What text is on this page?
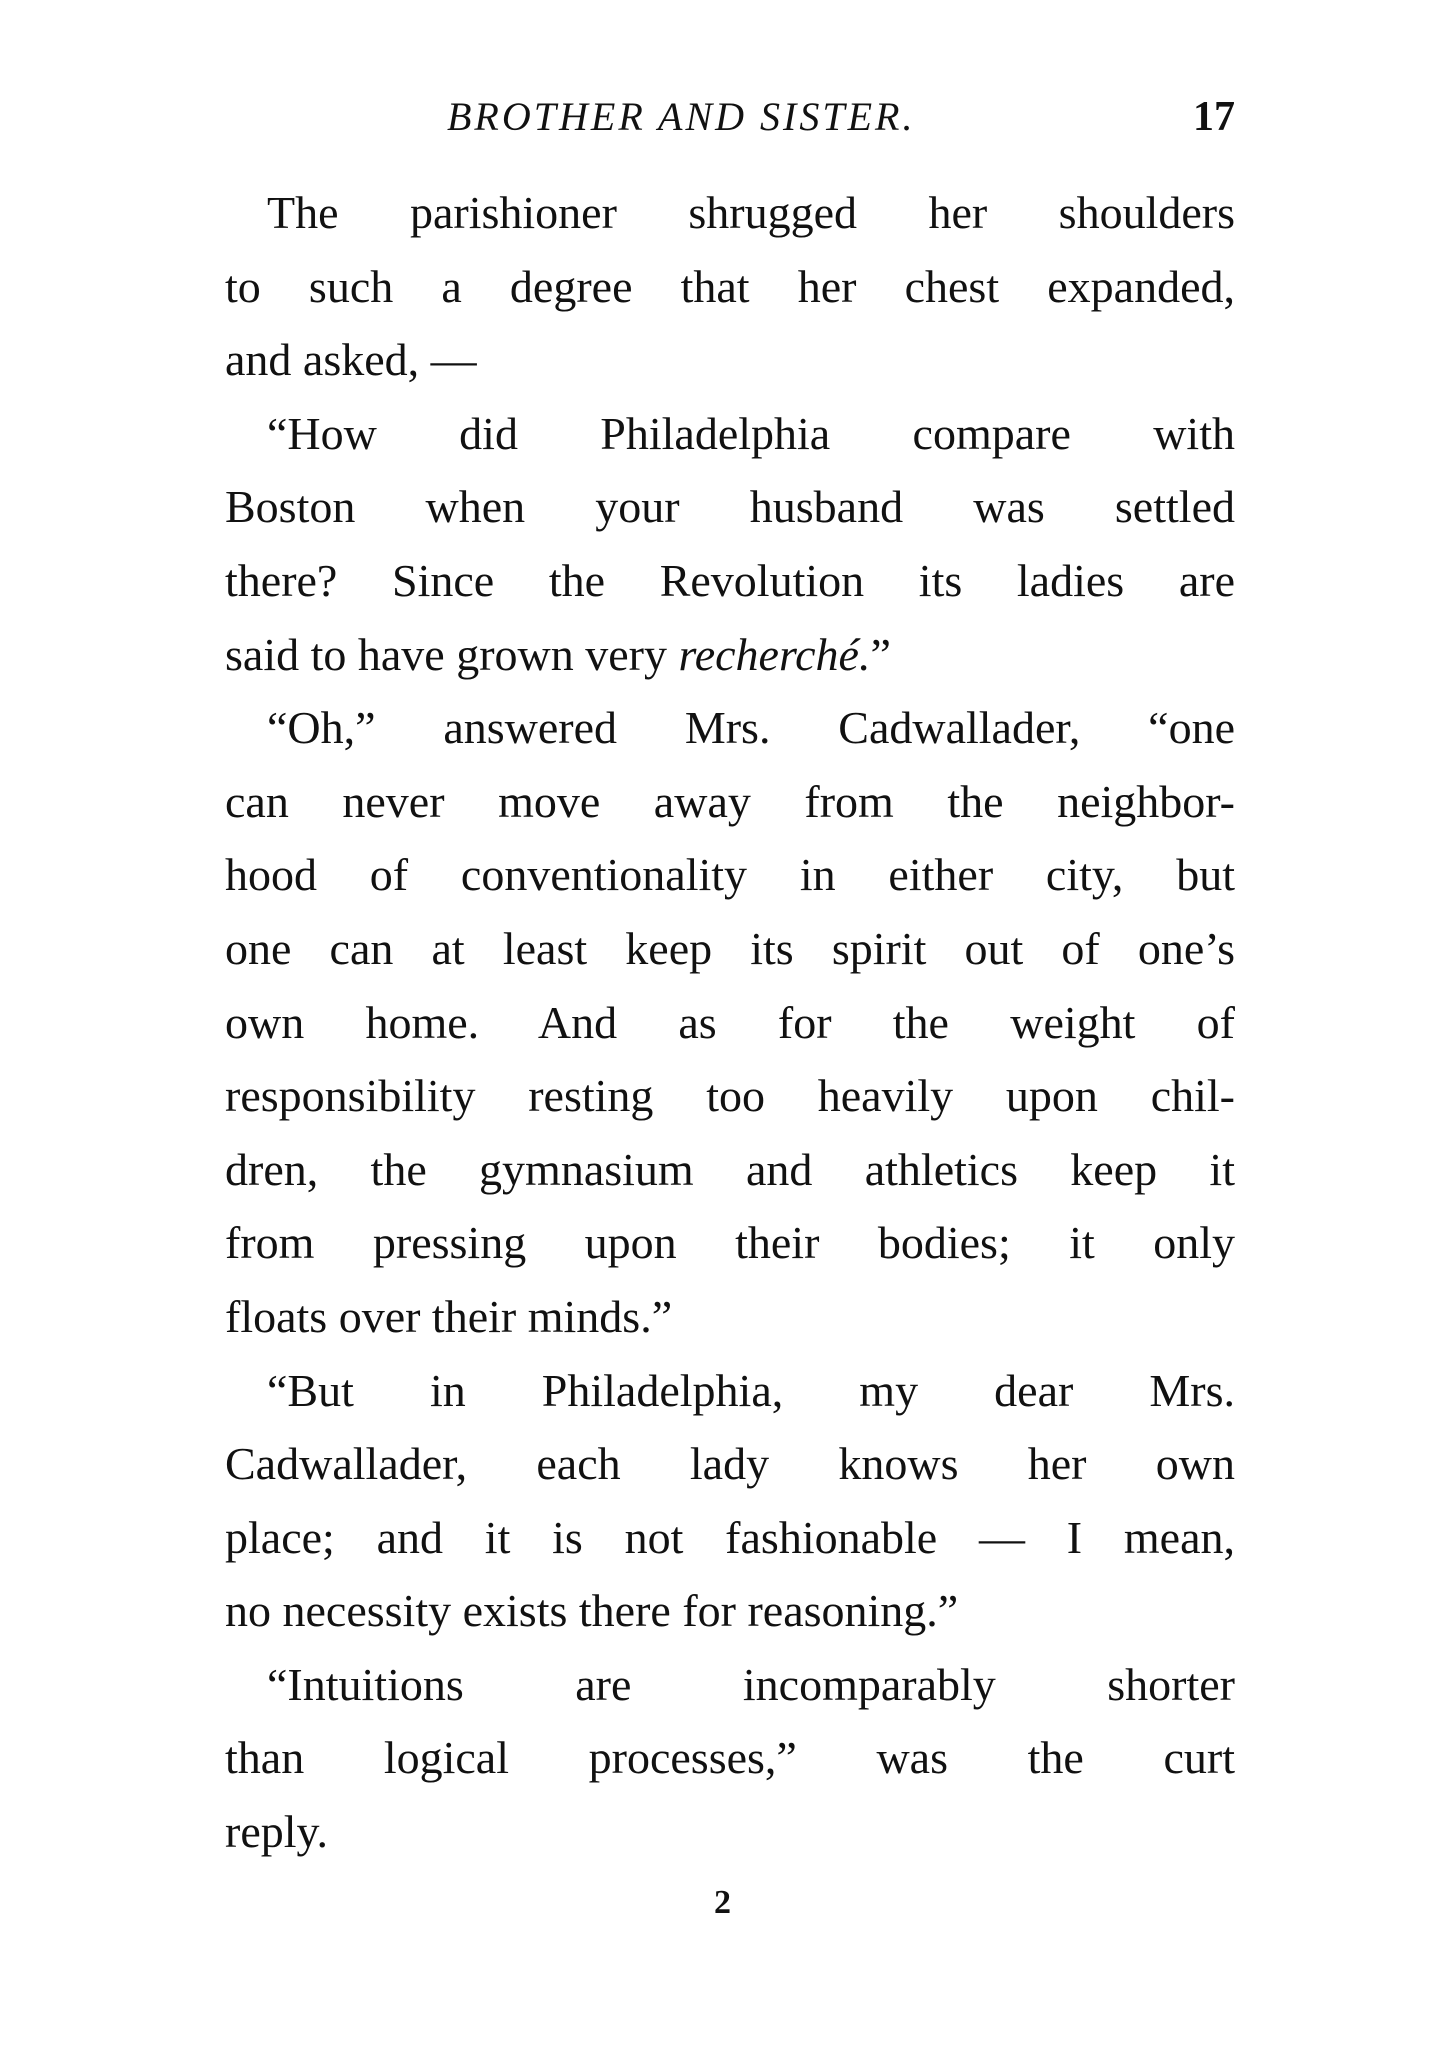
BROTHER AND SISTER.	17
The parishioner shrugged her shoulders
to such a degree that her chest expanded,
and asked, —
“How did Philadelphia compare with
Boston when your husband was settled
there? Since the Revolution its ladies are
said to have grown very recherché.”
“Oh,” answered Mrs. Cadwallader, “one
can never move away from the neighbor-
hood of conventionality in either city, but
one can at least keep its spirit out of one’s
own home. And as for the weight of
responsibility resting too heavily upon chil-
dren, the gymnasium and athletics keep it
from pressing upon their bodies; it only
floats over their minds.”
“But in Philadelphia, my dear Mrs.
Cadwallader, each lady knows her own
place; and it is not fashionable — I mean,
no necessity exists there for reasoning.”
“Intuitions are incomparably shorter
than logical processes,” was the curt
reply.
2
